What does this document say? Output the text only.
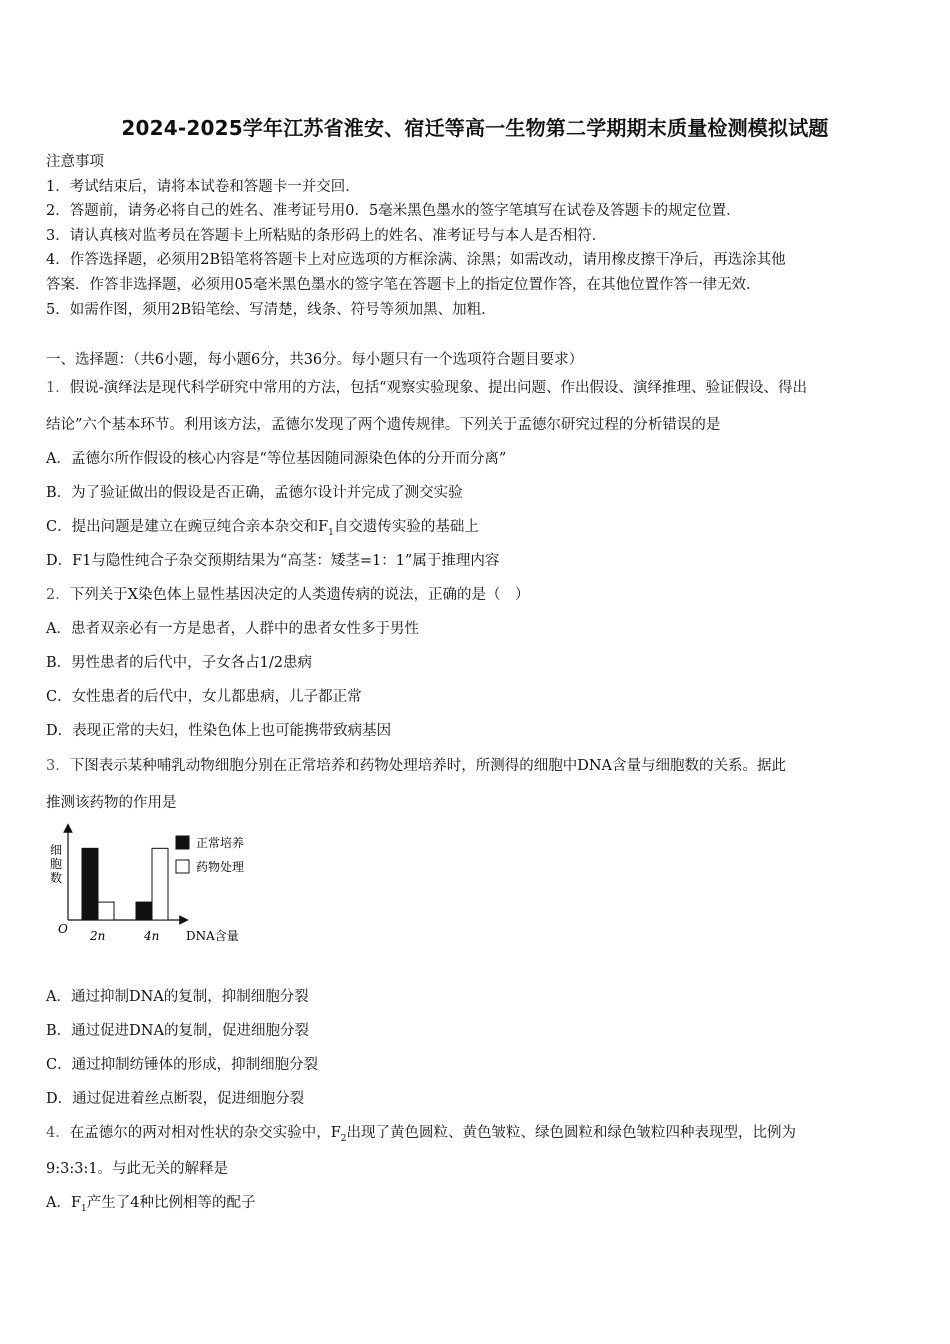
2024-2025学年江苏省淮安、宿迁等高一生物第二学期期末质量检测模拟试题
注意事项
1．考试结束后，请将本试卷和答题卡一并交回．
2．答题前，请务必将自己的姓名、准考证号用0．5毫米黑色墨水的签字笔填写在试卷及答题卡的规定位置．
3．请认真核对监考员在答题卡上所粘贴的条形码上的姓名、准考证号与本人是否相符．
4．作答选择题，必须用2B铅笔将答题卡上对应选项的方框涂满、涂黑；如需改动，请用橡皮擦干净后，再选涂其他
答案．作答非选择题，必须用05毫米黑色墨水的签字笔在答题卡上的指定位置作答，在其他位置作答一律无效．
5．如需作图，须用2B铅笔绘、写清楚，线条、符号等须加黑、加粗．
一、选择题：（共6小题，每小题6分，共36分。每小题只有一个选项符合题目要求）
1．假说-演绎法是现代科学研究中常用的方法，包括“观察实验现象、提出问题、作出假设、演绎推理、验证假设、得出
结论”六个基本环节。利用该方法，孟德尔发现了两个遗传规律。下列关于孟德尔研究过程的分析错误的是
A．孟德尔所作假设的核心内容是“等位基因随同源染色体的分开而分离”
B．为了验证做出的假设是否正确，孟德尔设计并完成了测交实验
C．提出问题是建立在豌豆纯合亲本杂交和$F_1$自交遗传实验的基础上
D．F1与隐性纯合子杂交预期结果为“高茎：矮茎=1：1”属于推理内容
2．下列关于X染色体上显性基因决定的人类遗传病的说法，正确的是（　）
A．患者双亲必有一方是患者，人群中的患者女性多于男性
B．男性患者的后代中，子女各占1/2患病
C．女性患者的后代中，女儿都患病，儿子都正常
D．表现正常的夫妇，性染色体上也可能携带致病基因
3．下图表示某种哺乳动物细胞分别在正常培养和药物处理培养时，所测得的细胞中DNA含量与细胞数的关系。据此
推测该药物的作用是
细
胞
数
O	DNA含量
2n	4n
正常培养
药物处理
A．通过抑制DNA的复制，抑制细胞分裂
B．通过促进DNA的复制，促进细胞分裂
C．通过抑制纺锤体的形成，抑制细胞分裂
D．通过促进着丝点断裂，促进细胞分裂
4．在孟德尔的两对相对性状的杂交实验中，$F_2$出现了黄色圆粒、黄色皱粒、绿色圆粒和绿色皱粒四种表现型，比例为
9:3:3:1。与此无关的解释是
A．$F_1$产生了4种比例相等的配子
